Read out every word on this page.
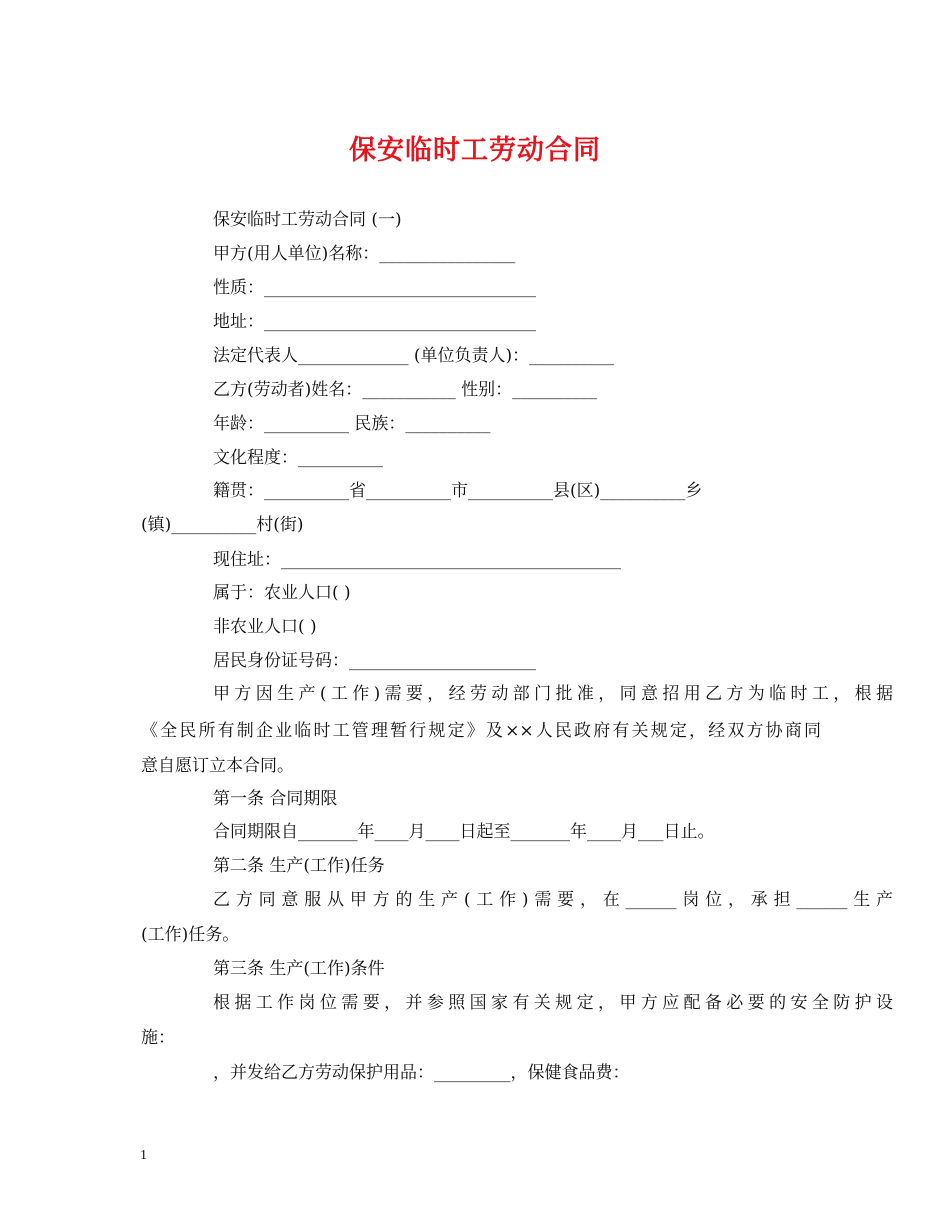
保安临时工劳动合同
保安临时工劳动合同 (一)
甲方(用人单位)名称：________________
性质：________________________________
地址：________________________________
法定代表人_____________ (单位负责人)：__________
乙方(劳动者)姓名：___________ 性别：__________
年龄：__________ 民族：__________
文化程度：__________
籍贯：__________省__________市__________县(区)__________乡
(镇)__________村(街)
现住址：________________________________________
属于：农业人口( )
非农业人口( )
居民身份证号码：______________________
甲方因生产(工作)需要，经劳动部门批准，同意招用乙方为临时工，根据
《全民所有制企业临时工管理暂行规定》及××人民政府有关规定，经双方协商同
意自愿订立本合同。
第一条 合同期限
合同期限自_______年____月____日起至_______年____月___日止。
第二条 生产(工作)任务
乙方同意服从甲方的生产(工作)需要，在______岗位，承担______生产
(工作)任务。
第三条 生产(工作)条件
根据工作岗位需要，并参照国家有关规定，甲方应配备必要的安全防护设
施：
，并发给乙方劳动保护用品：_________，保健食品费：
1
